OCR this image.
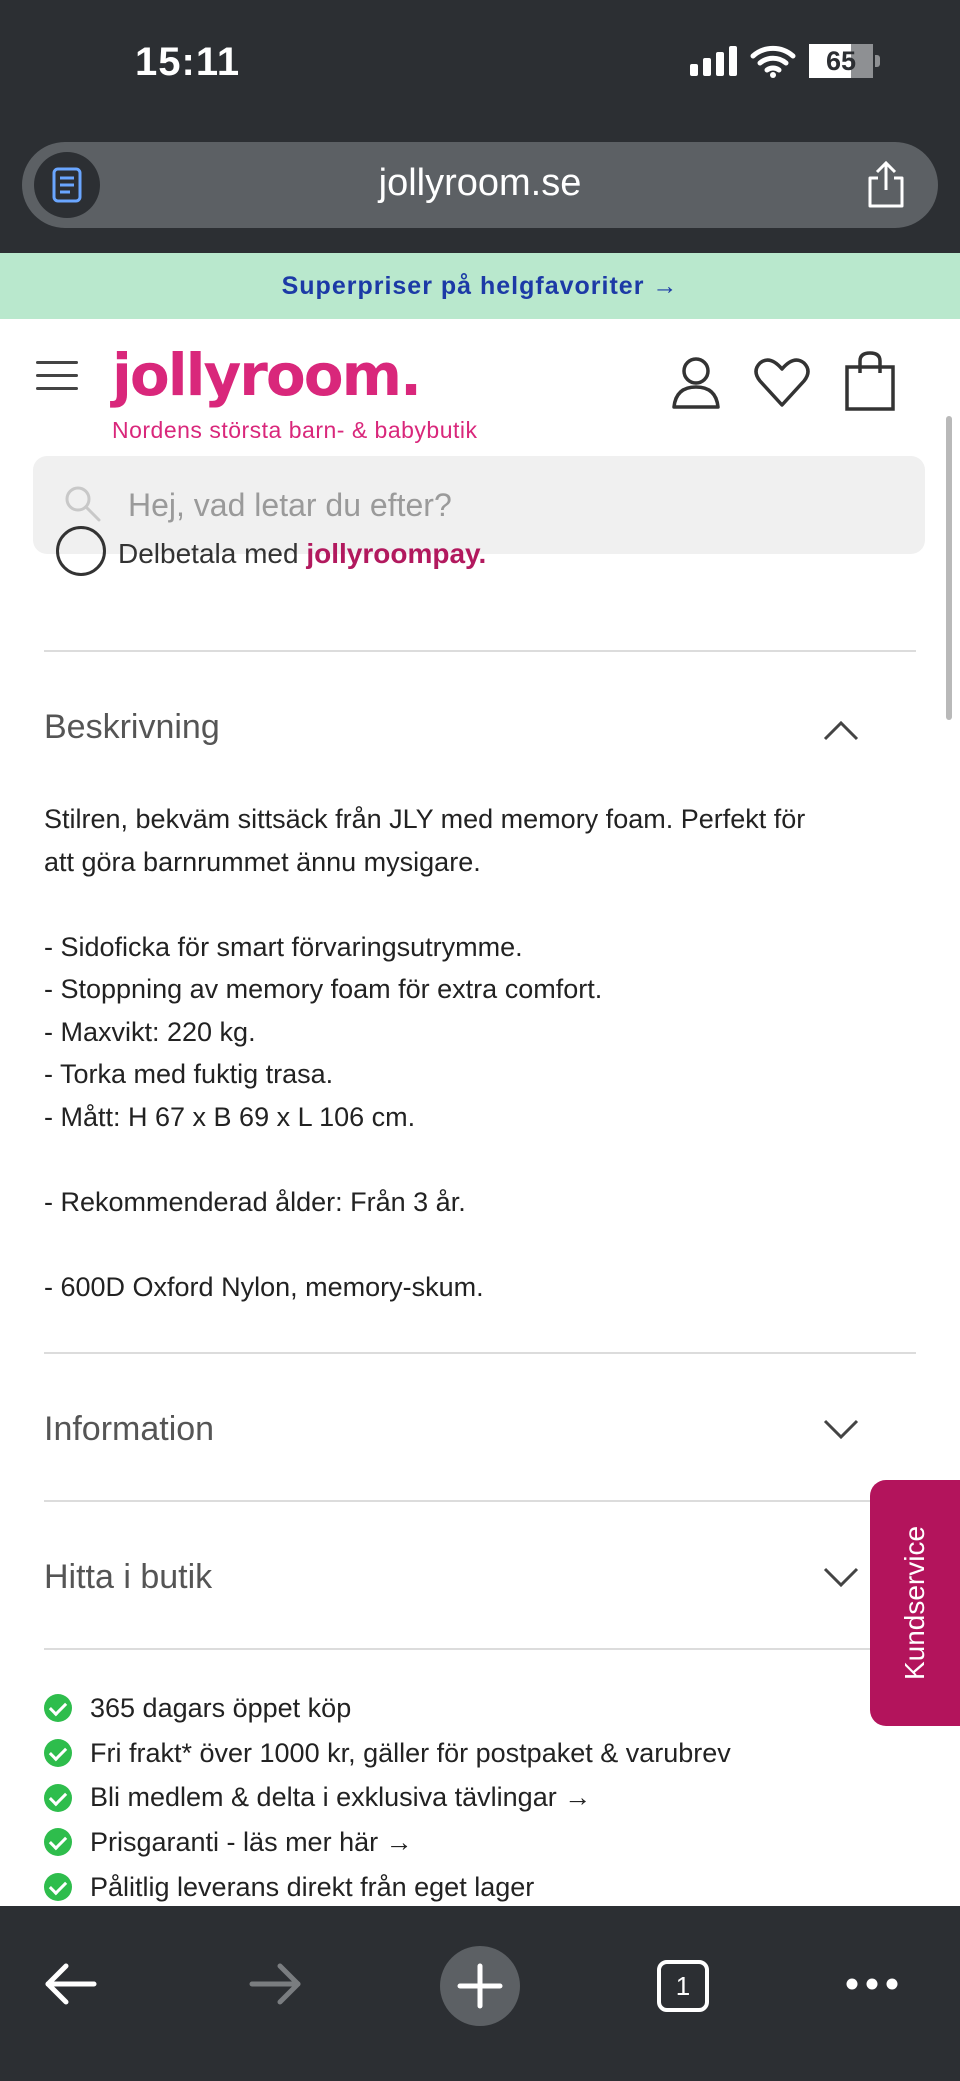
15:11	65
jollyroom.se
Superpriser på helgfavoriter →
jollyroom.
Nordens största barn- & babybutik
Hej, vad letar du efter?
Delbetala med jollyroompay.
Beskrivning

Stilren, bekväm sittsäck från JLY med memory foam. Perfekt för

att göra barnrummet ännu mysigare.

- Sidoficka för smart förvaringsutrymme.

- Stoppning av memory foam för extra comfort.

- Maxvikt: 220 kg.

- Torka med fuktig trasa.

- Mått: H 67 x B 69 x L 106 cm.

- Rekommenderad ålder: Från 3 år.

- 600D Oxford Nylon, memory-skum.

Information
Hitta i butik
365 dagars öppet köp
Fri frakt* över 1000 kr, gäller för postpaket & varubrev
Bli medlem & delta i exklusiva tävlingar →
Prisgaranti - läs mer här →
Pålitlig leverans direkt från eget lager
Kundservice
1
